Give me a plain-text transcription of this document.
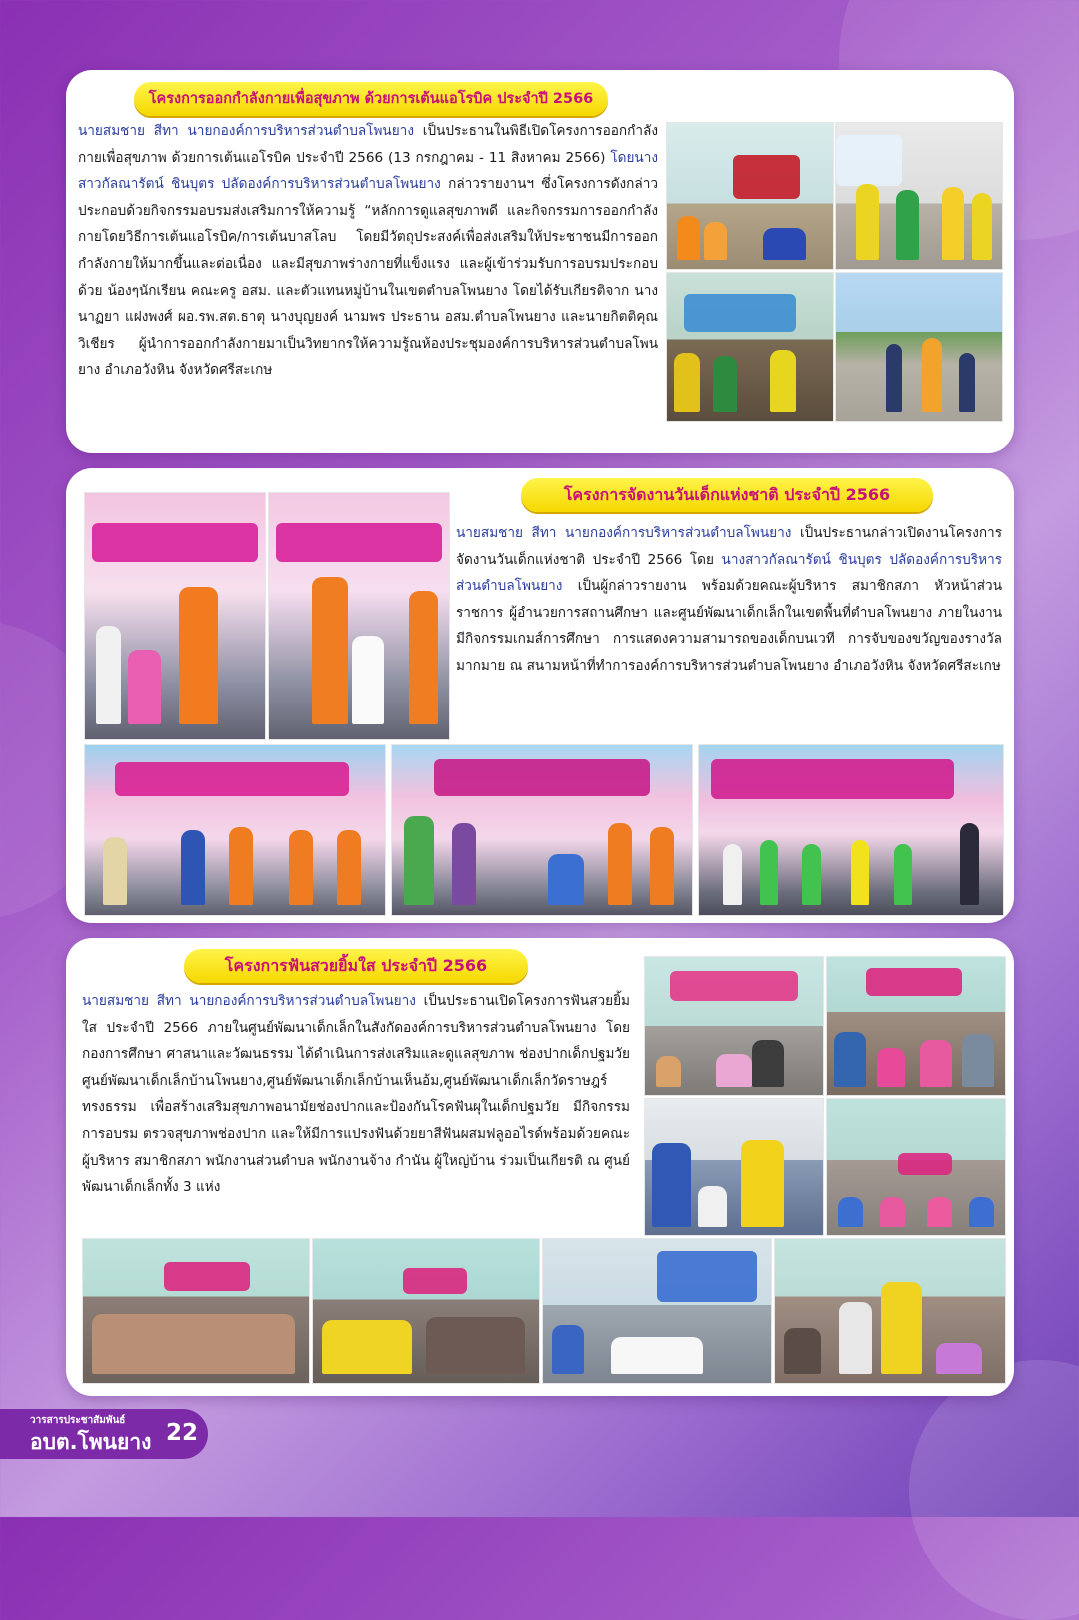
โครงการออกกำลังกายเพื่อสุขภาพ ด้วยการเต้นแอโรบิค ประจำปี 2566
นายสมชาย สีทา นายกองค์การบริหารส่วนตำบลโพนยาง เป็นประธานในพิธีเปิดโครงการออกกำลังกายเพื่อสุขภาพ ด้วยการเต้นแอโรบิค ประจำปี 2566 (13 กรกฎาคม - 11 สิงหาคม 2566) โดยนางสาวกัลณารัตน์ ชินบุตร ปลัดองค์การบริหารส่วนตำบลโพนยาง กล่าวรายงานฯ ซึ่งโครงการดังกล่าวประกอบด้วยกิจกรรมอบรมส่งเสริมการให้ความรู้ “หลักการดูแลสุขภาพดี และกิจกรรมการออกกำลังกายโดยวิธีการเต้นแอโรบิค/การเต้นบาสโลบ โดยมีวัตถุประสงค์เพื่อส่งเสริมให้ประชาชนมีการออกกำลังกายให้มากขึ้นและต่อเนื่อง และมีสุขภาพร่างกายที่แข็งแรง และผู้เข้าร่วมรับการอบรมประกอบด้วย น้องๆนักเรียน คณะครู อสม. และตัวแทนหมู่บ้านในเขตตำบลโพนยาง โดยได้รับเกียรติจาก นางนาฏยา แฝงพงศ์ ผอ.รพ.สต.ธาตุ นางบุญยงค์ นามพร ประธาน อสม.ตำบลโพนยาง และนายกิตติคุณ วิเชียร ผู้นำการออกกำลังกายมาเป็นวิทยากรให้ความรู้ณห้องประชุมองค์การบริหารส่วนตำบลโพนยาง อำเภอวังหิน จังหวัดศรีสะเกษ
โครงการจัดงานวันเด็กแห่งชาติ ประจำปี 2566
นายสมชาย สีทา นายกองค์การบริหารส่วนตำบลโพนยาง เป็นประธานกล่าวเปิดงานโครงการจัดงานวันเด็กแห่งชาติ ประจำปี 2566 โดย นางสาวกัลณารัตน์ ชินบุตร ปลัดองค์การบริหารส่วนตำบลโพนยาง เป็นผู้กล่าวรายงาน พร้อมด้วยคณะผู้บริหาร สมาชิกสภา หัวหน้าส่วนราชการ ผู้อำนวยการสถานศึกษา และศูนย์พัฒนาเด็กเล็กในเขตพื้นที่ตำบลโพนยาง ภายในงานมีกิจกรรมเกมส์การศึกษา การแสดงความสามารถของเด็กบนเวที การจับของขวัญของรางวัลมากมาย ณ สนามหน้าที่ทำการองค์การบริหารส่วนตำบลโพนยาง อำเภอวังหิน จังหวัดศรีสะเกษ
โครงการฟันสวยยิ้มใส ประจำปี 2566
นายสมชาย สีทา นายกองค์การบริหารส่วนตำบลโพนยาง เป็นประธานเปิดโครงการฟันสวยยิ้มใส ประจำปี 2566 ภายในศูนย์พัฒนาเด็กเล็กในสังกัดองค์การบริหารส่วนตำบลโพนยาง โดยกองการศึกษา ศาสนาและวัฒนธรรม ได้ดำเนินการส่งเสริมและดูแลสุขภาพ ช่องปากเด็กปฐมวัยศูนย์พัฒนาเด็กเล็กบ้านโพนยาง,ศูนย์พัฒนาเด็กเล็กบ้านเห็นอ้ม,ศูนย์พัฒนาเด็กเล็กวัดราษฎร์ทรงธรรม เพื่อสร้างเสริมสุขภาพอนามัยช่องปากและป้องกันโรคฟันผุในเด็กปฐมวัย มีกิจกรรมการอบรม ตรวจสุขภาพช่องปาก และให้มีการแปรงฟันด้วยยาสีฟันผสมฟลูออไรด์พร้อมด้วยคณะผู้บริหาร สมาชิกสภา พนักงานส่วนตำบล พนักงานจ้าง กำนัน ผู้ใหญ่บ้าน ร่วมเป็นเกียรติ ณ ศูนย์พัฒนาเด็กเล็กทั้ง 3 แห่ง
วารสารประชาสัมพันธ์
อบต.โพนยาง 22
